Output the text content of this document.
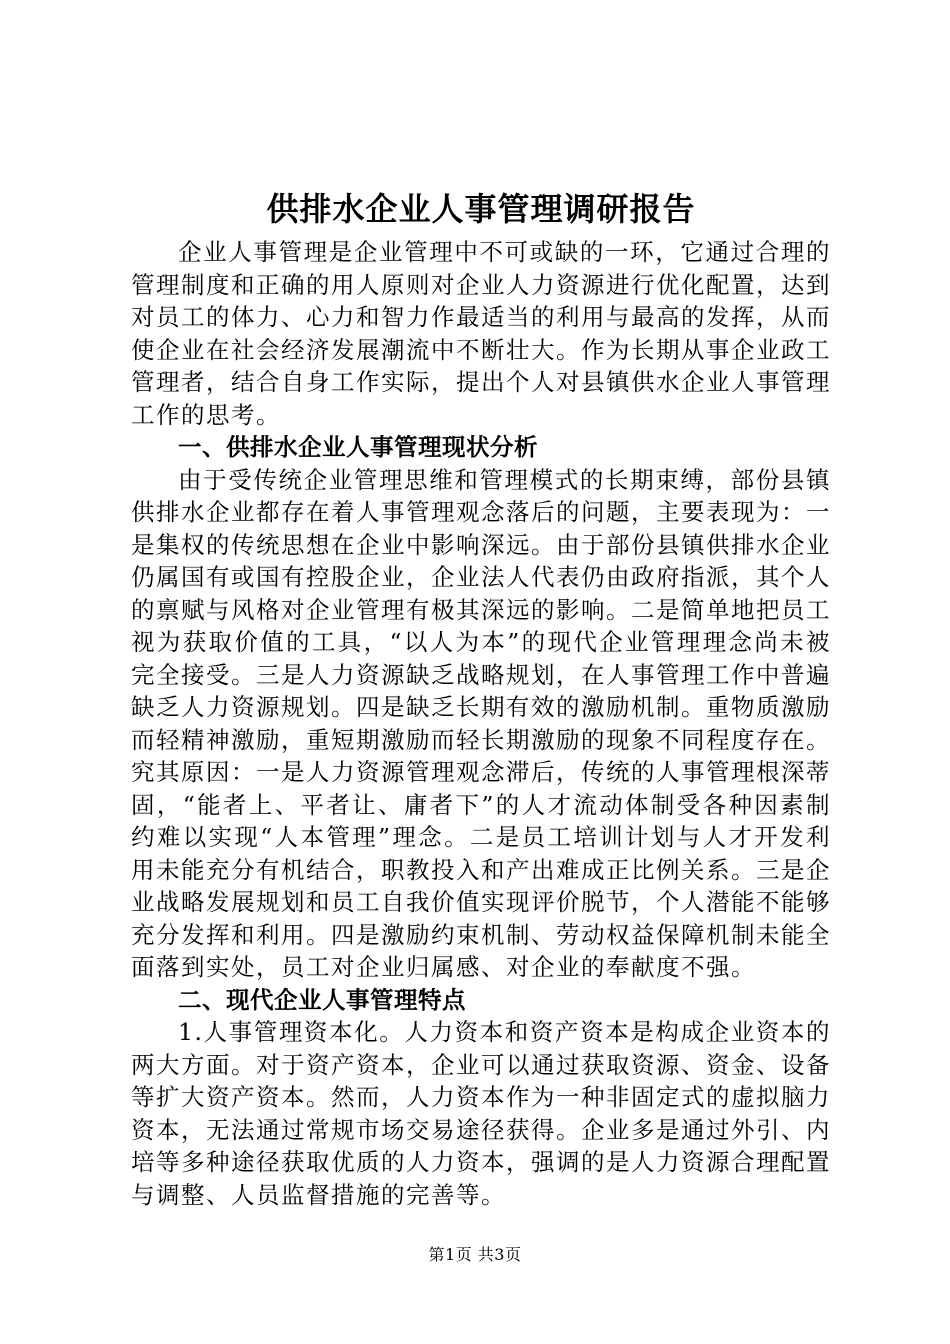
供排水企业人事管理调研报告

企业人事管理是企业管理中不可或缺的一环，它通过合理的管理制度和正确的用人原则对企业人力资源进行优化配置，达到对员工的体力、心力和智力作最适当的利用与最高的发挥，从而使企业在社会经济发展潮流中不断壮大。作为长期从事企业政工管理者，结合自身工作实际，提出个人对县镇供水企业人事管理工作的思考。

一、供排水企业人事管理现状分析

由于受传统企业管理思维和管理模式的长期束缚，部份县镇供排水企业都存在着人事管理观念落后的问题，主要表现为：一是集权的传统思想在企业中影响深远。由于部份县镇供排水企业仍属国有或国有控股企业，企业法人代表仍由政府指派，其个人的禀赋与风格对企业管理有极其深远的影响。二是简单地把员工视为获取价值的工具，“以人为本”的现代企业管理理念尚未被完全接受。三是人力资源缺乏战略规划，在人事管理工作中普遍缺乏人力资源规划。四是缺乏长期有效的激励机制。重物质激励而轻精神激励，重短期激励而轻长期激励的现象不同程度存在。究其原因：一是人力资源管理观念滞后，传统的人事管理根深蒂固，“能者上、平者让、庸者下”的人才流动体制受各种因素制约难以实现“人本管理”理念。二是员工培训计划与人才开发利用未能充分有机结合，职教投入和产出难成正比例关系。三是企业战略发展规划和员工自我价值实现评价脱节，个人潜能不能够充分发挥和利用。四是激励约束机制、劳动权益保障机制未能全面落到实处，员工对企业归属感、对企业的奉献度不强。

二、现代企业人事管理特点

1.人事管理资本化。人力资本和资产资本是构成企业资本的两大方面。对于资产资本，企业可以通过获取资源、资金、设备等扩大资产资本。然而，人力资本作为一种非固定式的虚拟脑力资本，无法通过常规市场交易途径获得。企业多是通过外引、内培等多种途径获取优质的人力资本，强调的是人力资源合理配置与调整、人员监督措施的完善等。

第1页 共3页
